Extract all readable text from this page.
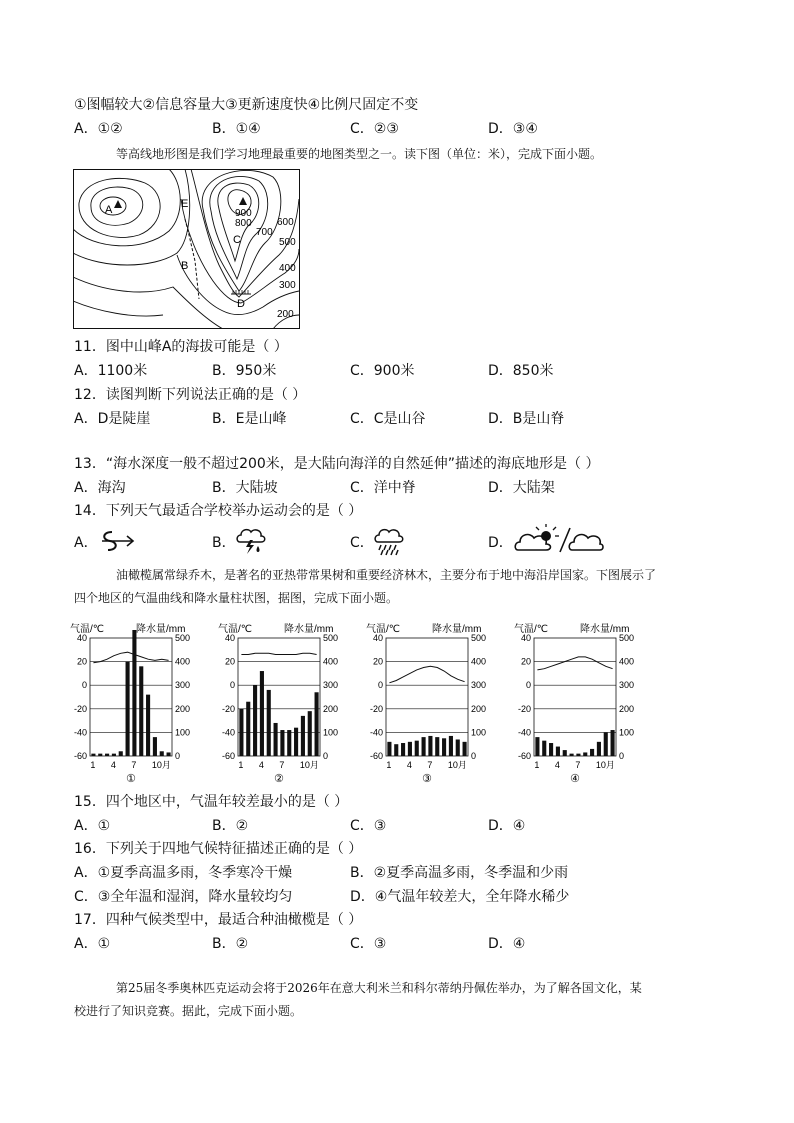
①图幅较大②信息容量大③更新速度快④比例尺固定不变
A．①②	B．①④	C．②③	D．③④
等高线地形图是我们学习地理最重要的地图类型之一。读下图（单位：米），完成下面小题。
A	E
B
C
D
900
800
700
600
500
400
300
200
11．图中山峰A的海拔可能是（ ）
A．1100米	B．950米	C．900米	D．850米
12．读图判断下列说法正确的是（ ）
A．D是陡崖	B．E是山峰	C．C是山谷	D．B是山脊
13．“海水深度一般不超过200米，是大陆向海洋的自然延伸”描述的海底地形是（ ）
A．海沟	B．大陆坡	C．洋中脊	D．大陆架
14．下列天气最适合学校举办运动会的是（ ）
A．	B．	C．	D．
油橄榄属常绿乔木，是著名的亚热带常果树和重要经济林木，主要分布于地中海沿岸国家。下图展示了
四个地区的气温曲线和降水量柱状图，据图，完成下面小题。
气温/℃	降水量/mm
40	500
20	400
0	300
-20	200
-40	100
-60	0
1 4 7 10月
①
气温/℃	降水量/mm
40	500
20	400
0	300
-20	200
-40	100
-60	0
1 4 7 10月
②
气温/℃	降水量/mm
40	500
20	400
0	300
-20	200
-40	100
-60	0
1 4 7 10月
③
气温/℃	降水量/mm
40	500
20	400
0	300
-20	200
-40	100
-60	0
1 4 7 10月
④
15．四个地区中，气温年较差最小的是（ ）
A．①	B．②	C．③	D．④
16．下列关于四地气候特征描述正确的是（ ）
A．①夏季高温多雨，冬季寒冷干燥	B．②夏季高温多雨，冬季温和少雨
C．③全年温和湿润，降水量较均匀	D．④气温年较差大，全年降水稀少
17．四种气候类型中，最适合种油橄榄是（ ）
A．①	B．②	C．③	D．④
第25届冬季奥林匹克运动会将于2026年在意大利米兰和科尔蒂纳丹佩佐举办，为了解各国文化，某
校进行了知识竞赛。据此，完成下面小题。
